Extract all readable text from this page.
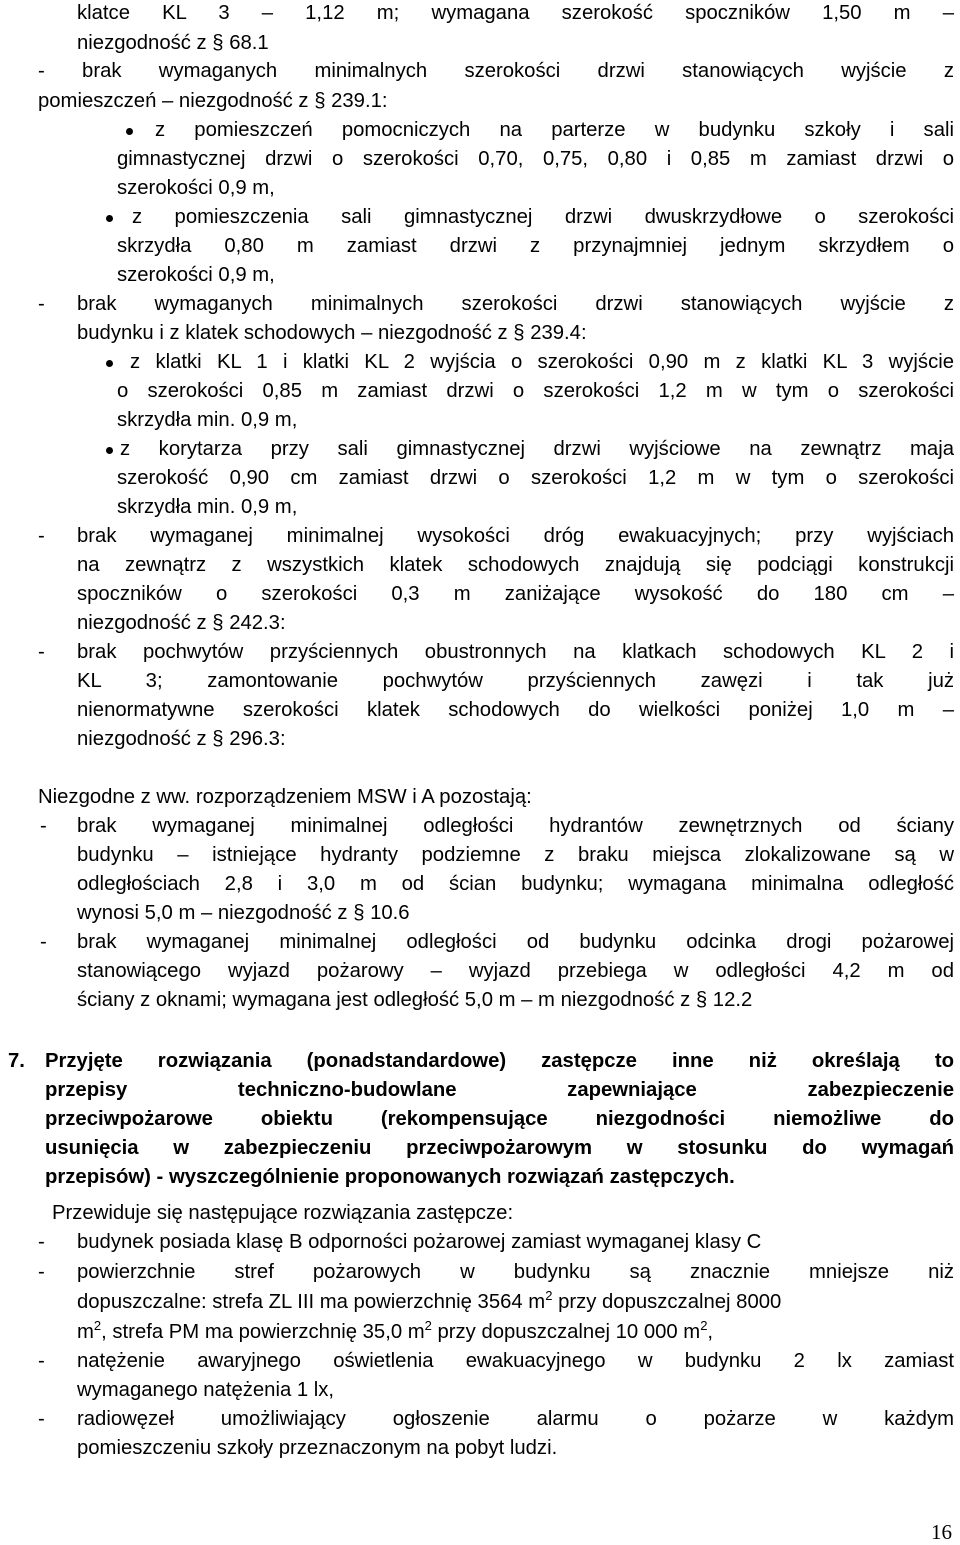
klatce KL 3 – 1,12 m; wymagana szerokość spoczników 1,50 m –
niezgodność z § 68.1
- brak wymaganych minimalnych szerokości drzwi stanowiących wyjście z
pomieszczeń – niezgodność z § 239.1:
z pomieszczeń pomocniczych na parterze w budynku szkoły i sali
gimnastycznej drzwi o szerokości 0,70, 0,75, 0,80 i 0,85 m zamiast drzwi o
szerokości 0,9 m,
z pomieszczenia sali gimnastycznej drzwi dwuskrzydłowe o szerokości
skrzydła 0,80 m zamiast drzwi z przynajmniej jednym skrzydłem o
szerokości 0,9 m,
- brak wymaganych minimalnych szerokości drzwi stanowiących wyjście z
budynku i z klatek schodowych – niezgodność z § 239.4:
z klatki KL 1 i klatki KL 2 wyjścia o szerokości 0,90 m z klatki KL 3 wyjście
o szerokości 0,85 m zamiast drzwi o szerokości 1,2 m w tym o szerokości
skrzydła min. 0,9 m,
z korytarza przy sali gimnastycznej drzwi wyjściowe na zewnątrz maja
szerokość 0,90 cm zamiast drzwi o szerokości 1,2 m w tym o szerokości
skrzydła min. 0,9 m,
- brak wymaganej minimalnej wysokości dróg ewakuacyjnych; przy wyjściach
na zewnątrz z wszystkich klatek schodowych znajdują się podciągi konstrukcji
spoczników o szerokości 0,3 m zaniżające wysokość do 180 cm –
niezgodność z § 242.3:
- brak pochwytów przyściennych obustronnych na klatkach schodowych KL 2 i
KL 3; zamontowanie pochwytów przyściennych zawęzi i tak już
nienormatywne szerokości klatek schodowych do wielkości poniżej 1,0 m –
niezgodność z § 296.3:
Niezgodne z ww. rozporządzeniem MSW i A pozostają:
- brak wymaganej minimalnej odległości hydrantów zewnętrznych od ściany
budynku – istniejące hydranty podziemne z braku miejsca zlokalizowane są w
odległościach 2,8 i 3,0 m od ścian budynku; wymagana minimalna odległość
wynosi 5,0 m – niezgodność z § 10.6
- brak wymaganej minimalnej odległości od budynku odcinka drogi pożarowej
stanowiącego wyjazd pożarowy – wyjazd przebiega w odległości 4,2 m od
ściany z oknami; wymagana jest odległość 5,0 m – m niezgodność z § 12.2
7. Przyjęte rozwiązania (ponadstandardowe) zastępcze inne niż określają to
przepisy techniczno-budowlane zapewniające zabezpieczenie
przeciwpożarowe obiektu (rekompensujące niezgodności niemożliwe do
usunięcia w zabezpieczeniu przeciwpożarowym w stosunku do wymagań
przepisów) - wyszczególnienie proponowanych rozwiązań zastępczych.
Przewiduje się następujące rozwiązania zastępcze:
- budynek posiada klasę B odporności pożarowej zamiast wymaganej klasy C
- powierzchnie stref pożarowych w budynku są znacznie mniejsze niż
dopuszczalne: strefa ZL III ma powierzchnię 3564 $m^2$ przy dopuszczalnej 8000
$m^2$, strefa PM ma powierzchnię 35,0 $m^2$ przy dopuszczalnej 10 000 $m^2$,
- natężenie awaryjnego oświetlenia ewakuacyjnego w budynku 2 lx zamiast
wymaganego natężenia 1 lx,
- radiowęzeł umożliwiający ogłoszenie alarmu o pożarze w każdym
pomieszczeniu szkoły przeznaczonym na pobyt ludzi.
16
